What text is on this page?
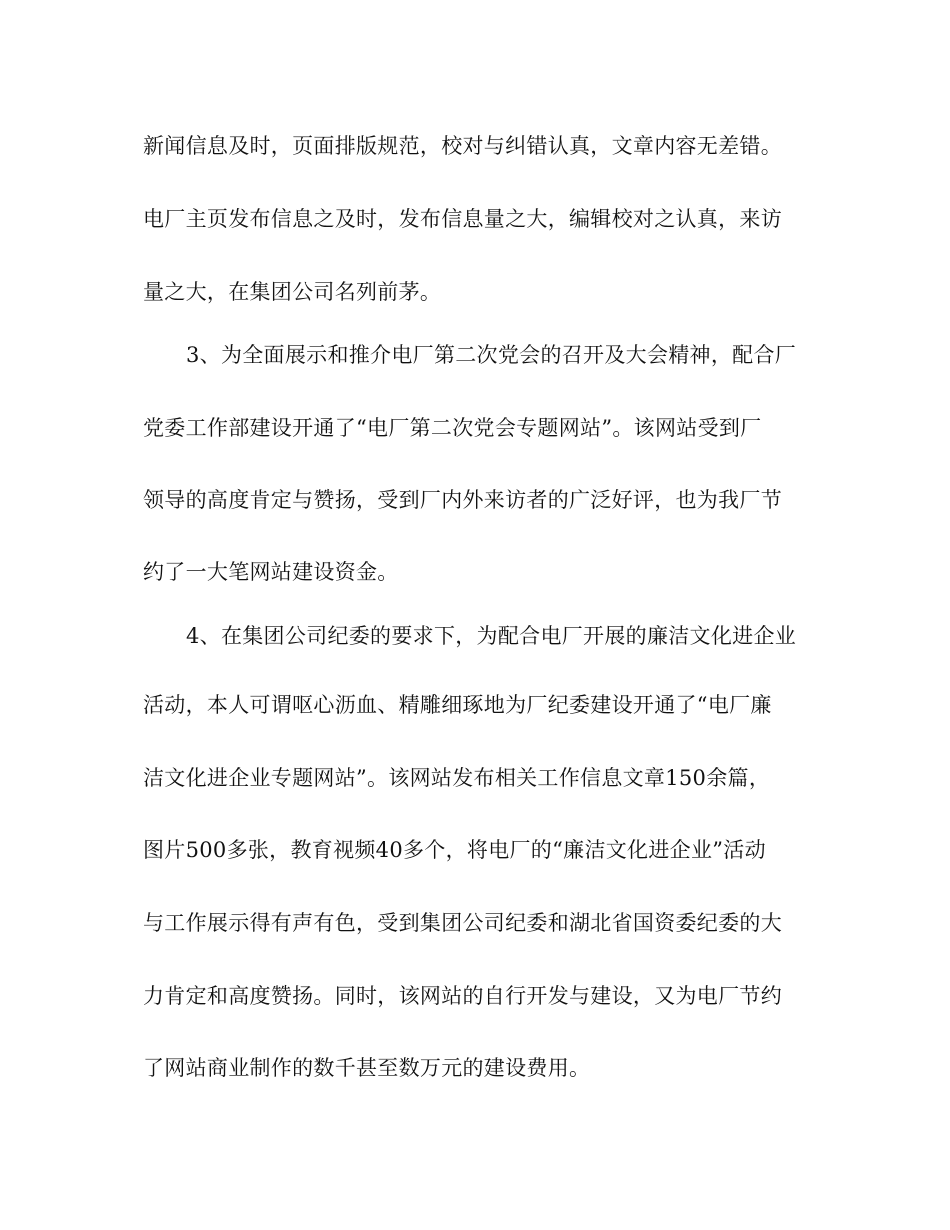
新闻信息及时，页面排版规范，校对与纠错认真，文章内容无差错。
电厂主页发布信息之及时，发布信息量之大，编辑校对之认真，来访
量之大，在集团公司名列前茅。
3、为全面展示和推介电厂第二次党会的召开及大会精神，配合厂
党委工作部建设开通了“电厂第二次党会专题网站”。该网站受到厂
领导的高度肯定与赞扬，受到厂内外来访者的广泛好评，也为我厂节
约了一大笔网站建设资金。
4、在集团公司纪委的要求下，为配合电厂开展的廉洁文化进企业
活动，本人可谓呕心沥血、精雕细琢地为厂纪委建设开通了“电厂廉
洁文化进企业专题网站”。该网站发布相关工作信息文章150余篇，
图片500多张，教育视频40多个，将电厂的“廉洁文化进企业”活动
与工作展示得有声有色，受到集团公司纪委和湖北省国资委纪委的大
力肯定和高度赞扬。同时，该网站的自行开发与建设，又为电厂节约
了网站商业制作的数千甚至数万元的建设费用。
